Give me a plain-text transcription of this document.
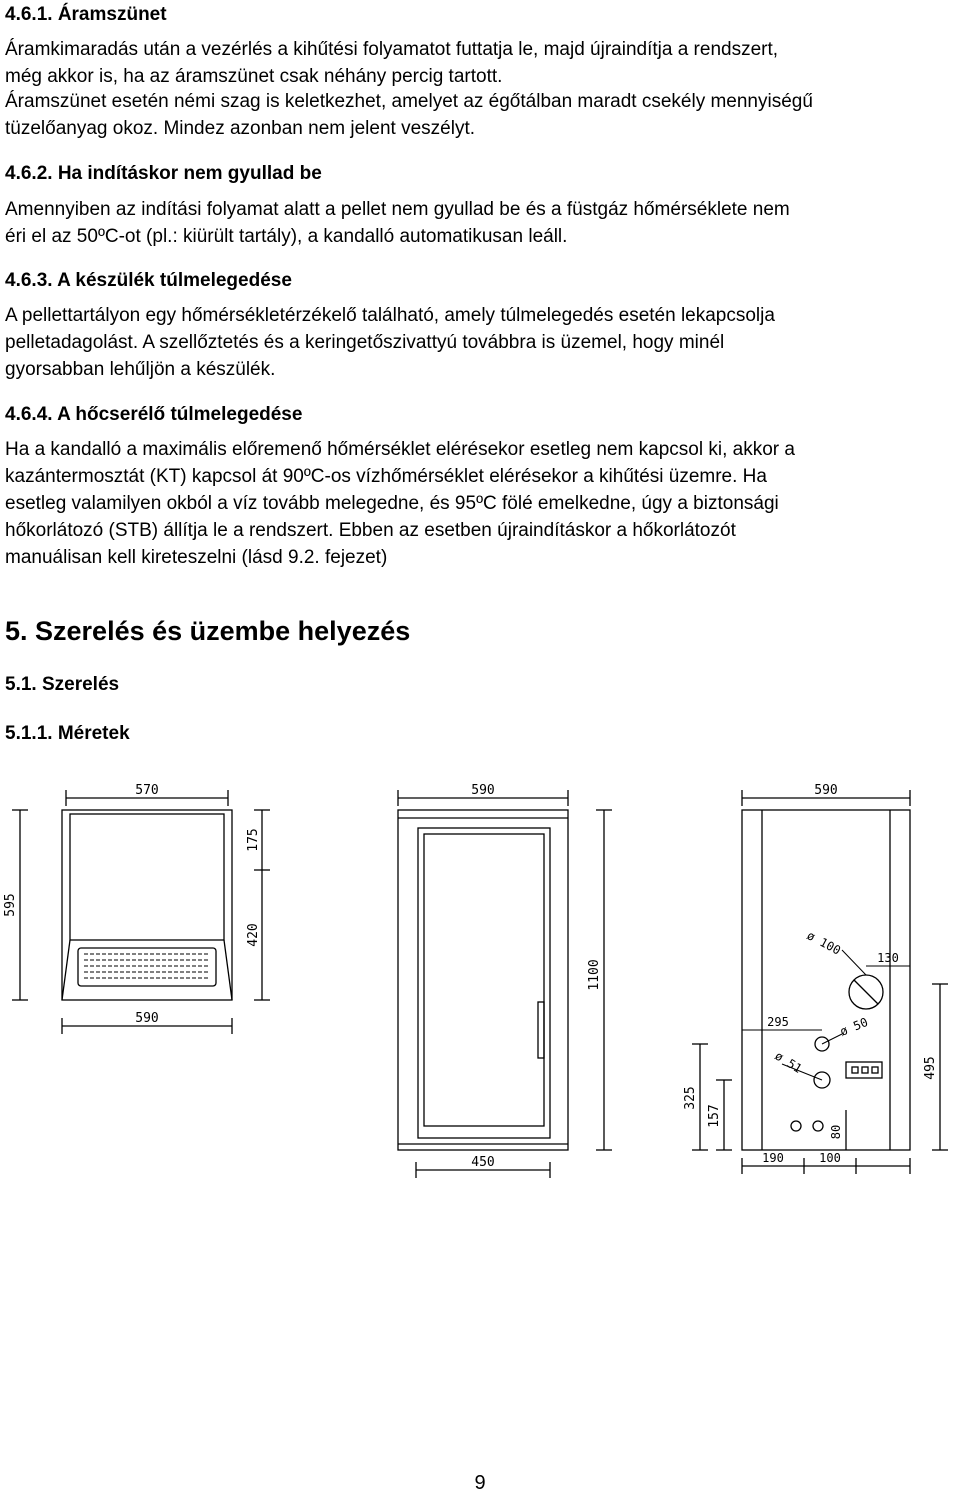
4.6.1. Áramszünet
Áramkimaradás után a vezérlés a kihűtési folyamatot futtatja le, majd újraindítja a rendszert,
még akkor is, ha az áramszünet csak néhány percig tartott.
Áramszünet esetén némi szag is keletkezhet, amelyet az égőtálban maradt csekély mennyiségű
tüzelőanyag okoz. Mindez azonban nem jelent veszélyt.
4.6.2. Ha indításkor nem gyullad be
Amennyiben az indítási folyamat alatt a pellet nem gyullad be és a füstgáz hőmérséklete nem
éri el az 50ºC-ot (pl.: kiürült tartály), a kandalló automatikusan leáll.
4.6.3. A készülék túlmelegedése
A pellettartályon egy hőmérsékletérzékelő található, amely túlmelegedés esetén lekapcsolja
pelletadagolást. A szellőztetés és a keringetőszivattyú továbbra is üzemel, hogy minél
gyorsabban lehűljön a készülék.
4.6.4. A hőcserélő túlmelegedése
Ha a kandalló a maximális előremenő hőmérséklet elérésekor esetleg nem kapcsol ki, akkor a
kazántermosztát (KT) kapcsol át 90ºC-os vízhőmérséklet elérésekor a kihűtési üzemre. Ha
esetleg valamilyen okból a víz tovább melegedne, és 95ºC fölé emelkedne, úgy a biztonsági
hőkorlátozó (STB) állítja le a rendszert. Ebben az esetben újraindításkor a hőkorlátozót
manuálisan kell kireteszelni (lásd 9.2. fejezet)
5. Szerelés és üzembe helyezés
5.1. Szerelés
5.1.1. Méretek
570
595
175
420
590
590
1100
450
590
ø 100
130
295	ø 50
ø 51	495
325
157
80
190	100
9
